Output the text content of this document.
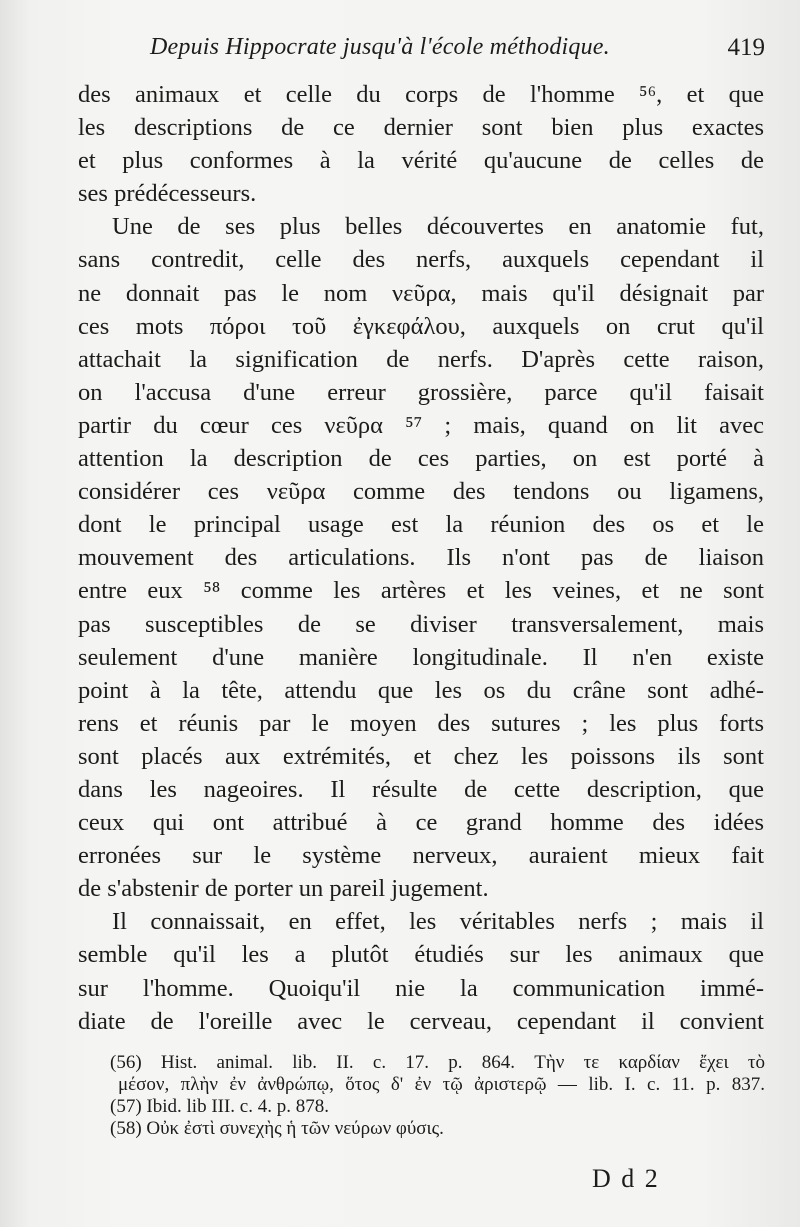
Depuis Hippocrate jusqu'à l'école méthodique.	419
des animaux et celle du corps de l'homme ⁵⁶, et que
les descriptions de ce dernier sont bien plus exactes
et plus conformes à la vérité qu'aucune de celles de
ses prédécesseurs.
Une de ses plus belles découvertes en anatomie fut,
sans contredit, celle des nerfs, auxquels cependant il
ne donnait pas le nom νεῦρα, mais qu'il désignait par
ces mots πόροι τοῦ ἐγκεφάλου, auxquels on crut qu'il
attachait la signification de nerfs. D'après cette raison,
on l'accusa d'une erreur grossière, parce qu'il faisait
partir du cœur ces νεῦρα ⁵⁷ ; mais, quand on lit avec
attention la description de ces parties, on est porté à
considérer ces νεῦρα comme des tendons ou ligamens,
dont le principal usage est la réunion des os et le
mouvement des articulations. Ils n'ont pas de liaison
entre eux ⁵⁸ comme les artères et les veines, et ne sont
pas susceptibles de se diviser transversalement, mais
seulement d'une manière longitudinale. Il n'en existe
point à la tête, attendu que les os du crâne sont adhé-
rens et réunis par le moyen des sutures ; les plus forts
sont placés aux extrémités, et chez les poissons ils sont
dans les nageoires. Il résulte de cette description, que
ceux qui ont attribué à ce grand homme des idées
erronées sur le système nerveux, auraient mieux fait
de s'abstenir de porter un pareil jugement.
Il connaissait, en effet, les véritables nerfs ; mais il
semble qu'il les a plutôt étudiés sur les animaux que
sur l'homme. Quoiqu'il nie la communication immé-
diate de l'oreille avec le cerveau, cependant il convient
(56) Hist. animal. lib. II. c. 17. p. 864. Τὴν τε καρδίαν ἔχει τὸ
μέσον, πλὴν ἐν ἀνθρώπῳ, ὅτος δ' ἐν τῷ ἀριστερῷ — lib. I. c. 11. p. 837.
(57) Ibid. lib III. c. 4. p. 878.
(58) Οὐκ ἐστὶ συνεχὴς ἡ τῶν νεύρων φύσις.
D d 2
